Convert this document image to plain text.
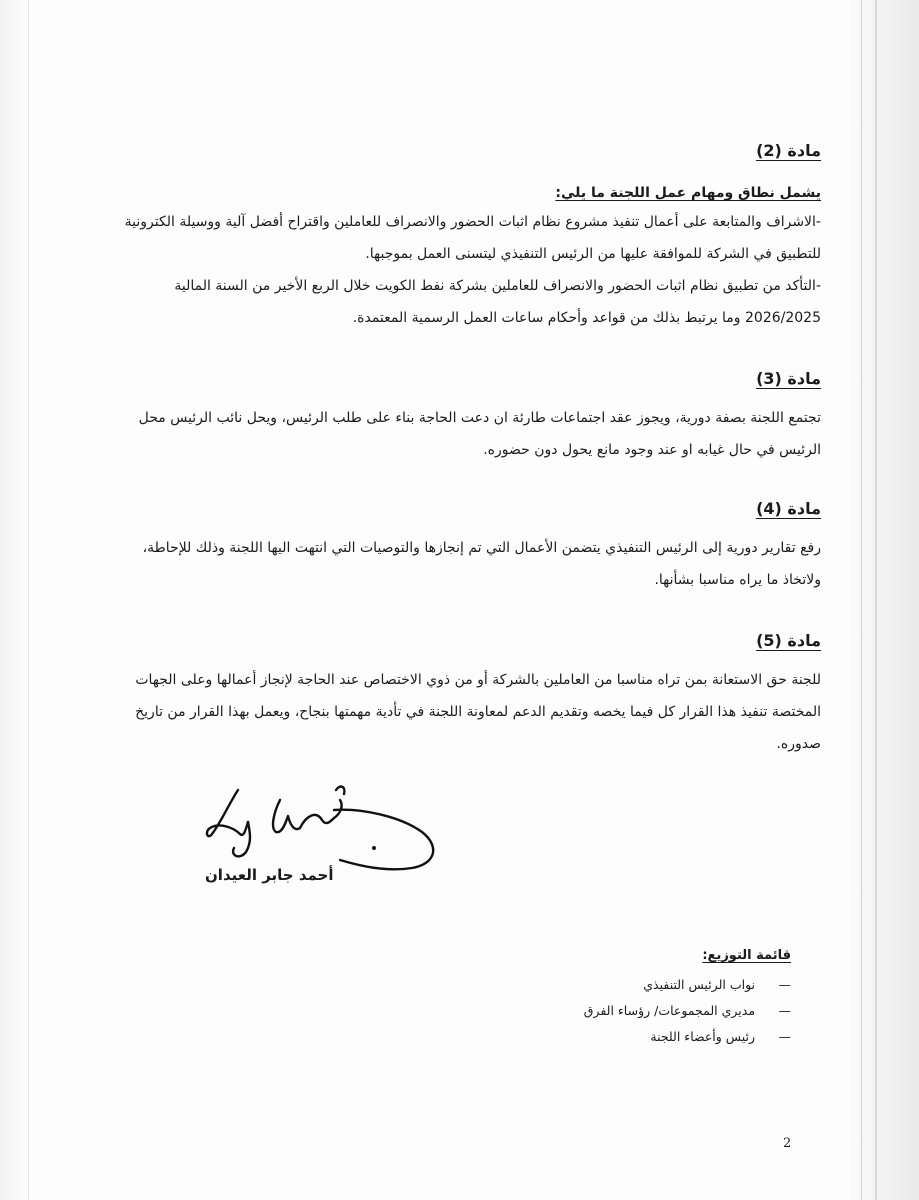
مادة (2)
يشمل نطاق ومهام عمل اللجنة ما يلي:

-الاشراف والمتابعة على أعمال تنفيذ مشروع نظام اثبات الحضور والانصراف للعاملين واقتراح أفضل آلية ووسيلة الكترونية للتطبيق في الشركة للموافقة عليها من الرئيس التنفيذي ليتسنى العمل بموجبها.

-التأكد من تطبيق نظام اثبات الحضور والانصراف للعاملين بشركة نفط الكويت خلال الربع الأخير من السنة المالية 2026/2025 وما يرتبط بذلك من قواعد وأحكام ساعات العمل الرسمية المعتمدة.

مادة (3)

تجتمع اللجنة بصفة دورية، ويجوز عقد اجتماعات طارئة ان دعت الحاجة بناء على طلب الرئيس، ويحل نائب الرئيس محل الرئيس في حال غيابه او عند وجود مانع يحول دون حضوره.

مادة (4)

رفع تقارير دورية إلى الرئيس التنفيذي يتضمن الأعمال التي تم إنجازها والتوصيات التي انتهت اليها اللجنة وذلك للإحاطة، ولاتخاذ ما يراه مناسبا بشأنها.

مادة (5)

للجنة حق الاستعانة بمن تراه مناسبا من العاملين بالشركة أو من ذوي الاختصاص عند الحاجة لإنجاز أعمالها وعلى الجهات المختصة تنفيذ هذا القرار كل فيما يخصه وتقديم الدعم لمعاونة اللجنة في تأدية مهمتها بنجاح، ويعمل بهذا القرار من تاريخ صدوره.

أحمد جابر العيدان
قائمة التوزيع:
— نواب الرئيس التنفيذي
— مديري المجموعات/ رؤساء الفرق
— رئيس وأعضاء اللجنة
2
